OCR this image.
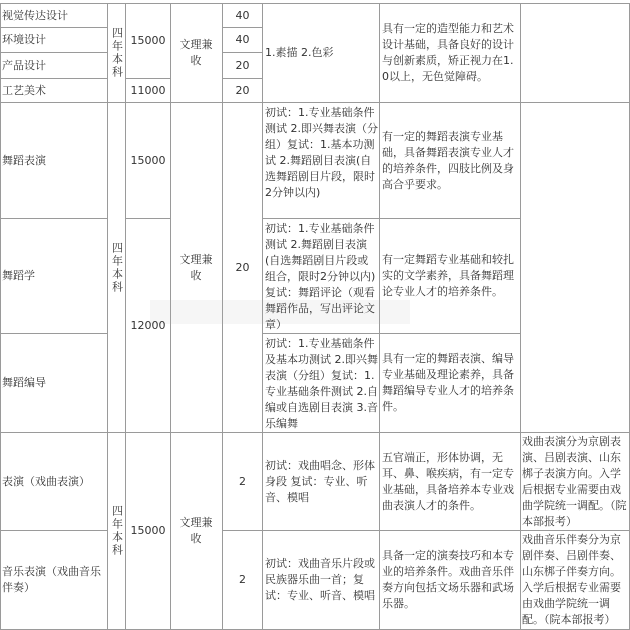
视觉传达设计
环境设计
产品设计
工艺美术
四年本科 15000
11000
文理兼收
40
40
20
20
1.素描 2.色彩
具有一定的造型能力和艺术设计基础，具备良好的设计与创新素质，矫正视力在1.0以上，无色觉障碍。
舞蹈表演
舞蹈学
舞蹈编导
四年本科
15000
12000
文理兼收
20
初试：1.专业基础条件测试 2.即兴舞表演（分组）复试：1.基本功测试 2.舞蹈剧目表演(自选舞蹈剧目片段，限时2分钟以内)
有一定的舞蹈表演专业基础，具备舞蹈表演专业人才的培养条件，四肢比例及身高合乎要求。
初试：1.专业基础条件测试 2.舞蹈剧目表演(自选舞蹈剧目片段或组合，限时2分钟以内)复试：舞蹈评论（观看舞蹈作品，写出评论文章）
有一定舞蹈专业基础和较扎实的文学素养，具备舞蹈理论专业人才的培养条件。
初试：1.专业基础条件及基本功测试 2.即兴舞表演（分组）复试：1.专业基础条件测试 2.自编或自选剧目表演 3.音乐编舞
具有一定的舞蹈表演、编导专业基础及理论素养，具备舞蹈编导专业人才的培养条件。
表演（戏曲表演）
音乐表演（戏曲音乐伴奏）
四年本科 15000
文理兼收
2
2
初试：戏曲唱念、形体身段 复试：专业、听音、模唱
五官端正，形体协调，无耳、鼻、喉疾病，有一定专业基础，具备培养本专业戏曲表演人才的条件。
戏曲表演分为京剧表演、吕剧表演、山东梆子表演方向。入学后根据专业需要由戏曲学院统一调配。（院本部报考）
初试：戏曲音乐片段或民族器乐曲一首；复试：专业、听音、模唱
具备一定的演奏技巧和本专业的培养条件。戏曲音乐伴奏方向包括文场乐器和武场乐器。
戏曲音乐伴奏分为京剧伴奏、吕剧伴奏、山东梆子伴奏方向。入学后根据专业需要由戏曲学院统一调配。（院本部报考）
